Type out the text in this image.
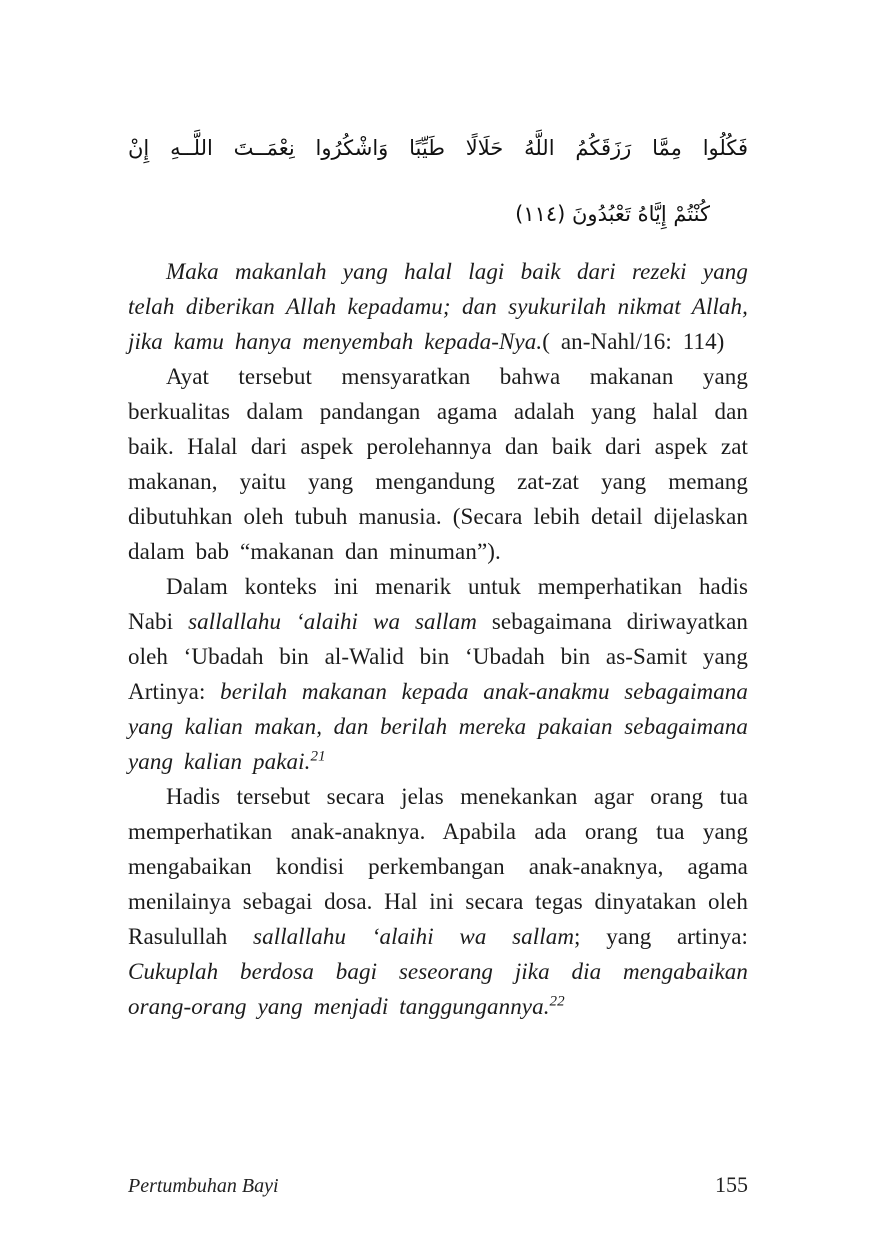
فَكُلُوا مِمَّا رَزَقَكُمُ اللَّهُ حَلَالًا طَيِّبًا وَاشْكُرُوا نِعْمَــتَ اللَّــهِ إِنْ
كُنْتُمْ إِيَّاهُ تَعْبُدُونَ (١١٤)

Maka makanlah yang halal lagi baik dari rezeki yang telah diberikan Allah kepadamu; dan syukurilah nikmat Allah, jika kamu hanya menyembah kepada-Nya.( an-Nahl/16: 114)

Ayat tersebut mensyaratkan bahwa makanan yang berkualitas dalam pandangan agama adalah yang halal dan baik. Halal dari aspek perolehannya dan baik dari aspek zat makanan, yaitu yang mengandung zat-zat yang memang dibutuhkan oleh tubuh manusia. (Secara lebih detail dijelaskan dalam bab “makanan dan minuman”).

Dalam konteks ini menarik untuk memperhatikan hadis Nabi sallallahu ‘alaihi wa sallam sebagaimana diriwayatkan oleh ‘Ubadah bin al-Walid bin ‘Ubadah bin as-Samit yang Artinya: berilah makanan kepada anak-anakmu sebagaimana yang kalian makan, dan berilah mereka pakaian sebagaimana yang kalian pakai.$^{21}$

Hadis tersebut secara jelas menekankan agar orang tua memperhatikan anak-anaknya. Apabila ada orang tua yang mengabaikan kondisi perkembangan anak-anaknya, agama menilainya sebagai dosa. Hal ini secara tegas dinyatakan oleh Rasulullah sallallahu ‘alaihi wa sallam; yang artinya: Cukuplah berdosa bagi seseorang jika dia mengabaikan orang-orang yang menjadi tanggungannya.$^{22}$

Pertumbuhan Bayi	155
